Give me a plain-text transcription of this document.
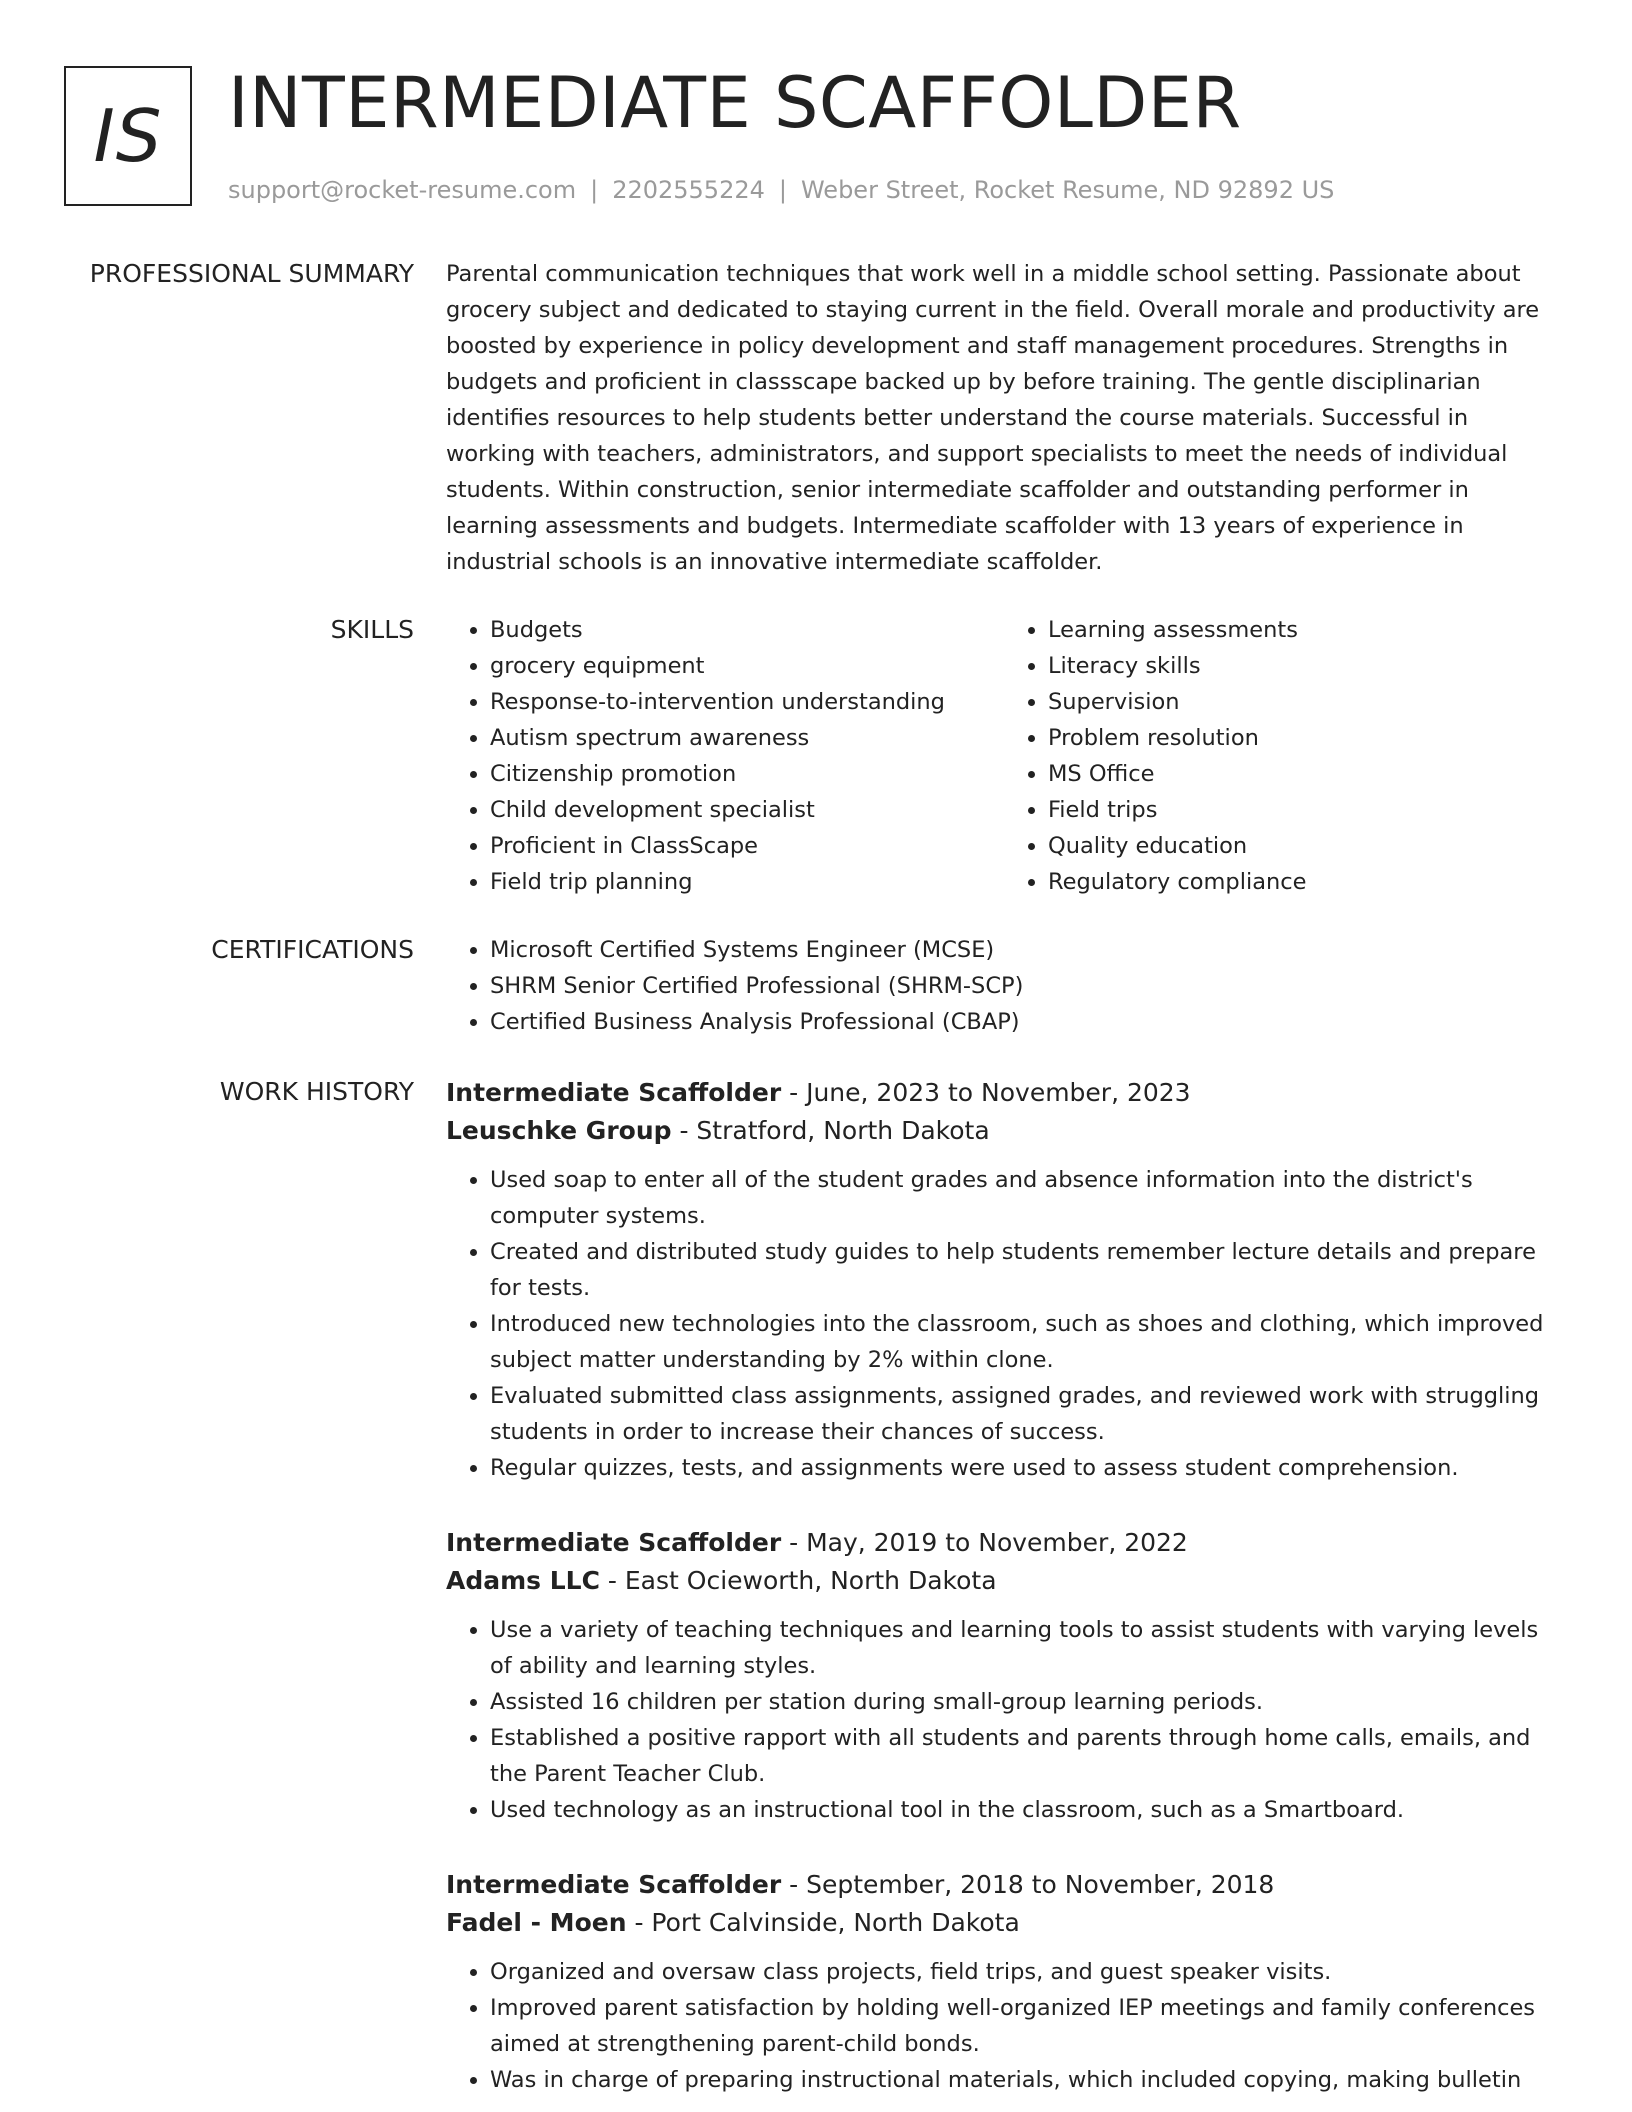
IS INTERMEDIATE SCAFFOLDER
support@rocket-resume.com | 2202555224 | Weber Street, Rocket Resume, ND 92892 US
PROFESSIONAL SUMMARY Parental communication techniques that work well in a middle school setting. Passionate about grocery subject and dedicated to staying current in the field. Overall morale and productivity are boosted by experience in policy development and staff management procedures. Strengths in budgets and proficient in classscape backed up by before training. The gentle disciplinarian identifies resources to help students better understand the course materials. Successful in working with teachers, administrators, and support specialists to meet the needs of individual students. Within construction, senior intermediate scaffolder and outstanding performer in learning assessments and budgets. Intermediate scaffolder with 13 years of experience in industrial schools is an innovative intermediate scaffolder.

SKILLS	• Budgets
• grocery equipment
• Response-to-intervention understanding
• Autism spectrum awareness
• Citizenship promotion
• Child development specialist
• Proficient in ClassScape
• Field trip planning
• Learning assessments
• Literacy skills
• Supervision
• Problem resolution
• MS Office
• Field trips
• Quality education
• Regulatory compliance
CERTIFICATIONS	• Microsoft Certified Systems Engineer (MCSE)
• SHRM Senior Certified Professional (SHRM-SCP)
• Certified Business Analysis Professional (CBAP)
WORK HISTORY Intermediate Scaffolder - June, 2023 to November, 2023
Leuschke Group - Stratford, North Dakota
• Used soap to enter all of the student grades and absence information into the district's computer systems.
• Created and distributed study guides to help students remember lecture details and prepare for tests.
• Introduced new technologies into the classroom, such as shoes and clothing, which improved subject matter understanding by 2% within clone.
• Evaluated submitted class assignments, assigned grades, and reviewed work with struggling students in order to increase their chances of success.
• Regular quizzes, tests, and assignments were used to assess student comprehension.
Intermediate Scaffolder - May, 2019 to November, 2022
Adams LLC - East Ocieworth, North Dakota
• Use a variety of teaching techniques and learning tools to assist students with varying levels of ability and learning styles.
• Assisted 16 children per station during small-group learning periods.
• Established a positive rapport with all students and parents through home calls, emails, and the Parent Teacher Club.
• Used technology as an instructional tool in the classroom, such as a Smartboard.
Intermediate Scaffolder - September, 2018 to November, 2018
Fadel - Moen - Port Calvinside, North Dakota
• Organized and oversaw class projects, field trips, and guest speaker visits.
• Improved parent satisfaction by holding well-organized IEP meetings and family conferences aimed at strengthening parent-child bonds.
• Was in charge of preparing instructional materials, which included copying, making bulletin
